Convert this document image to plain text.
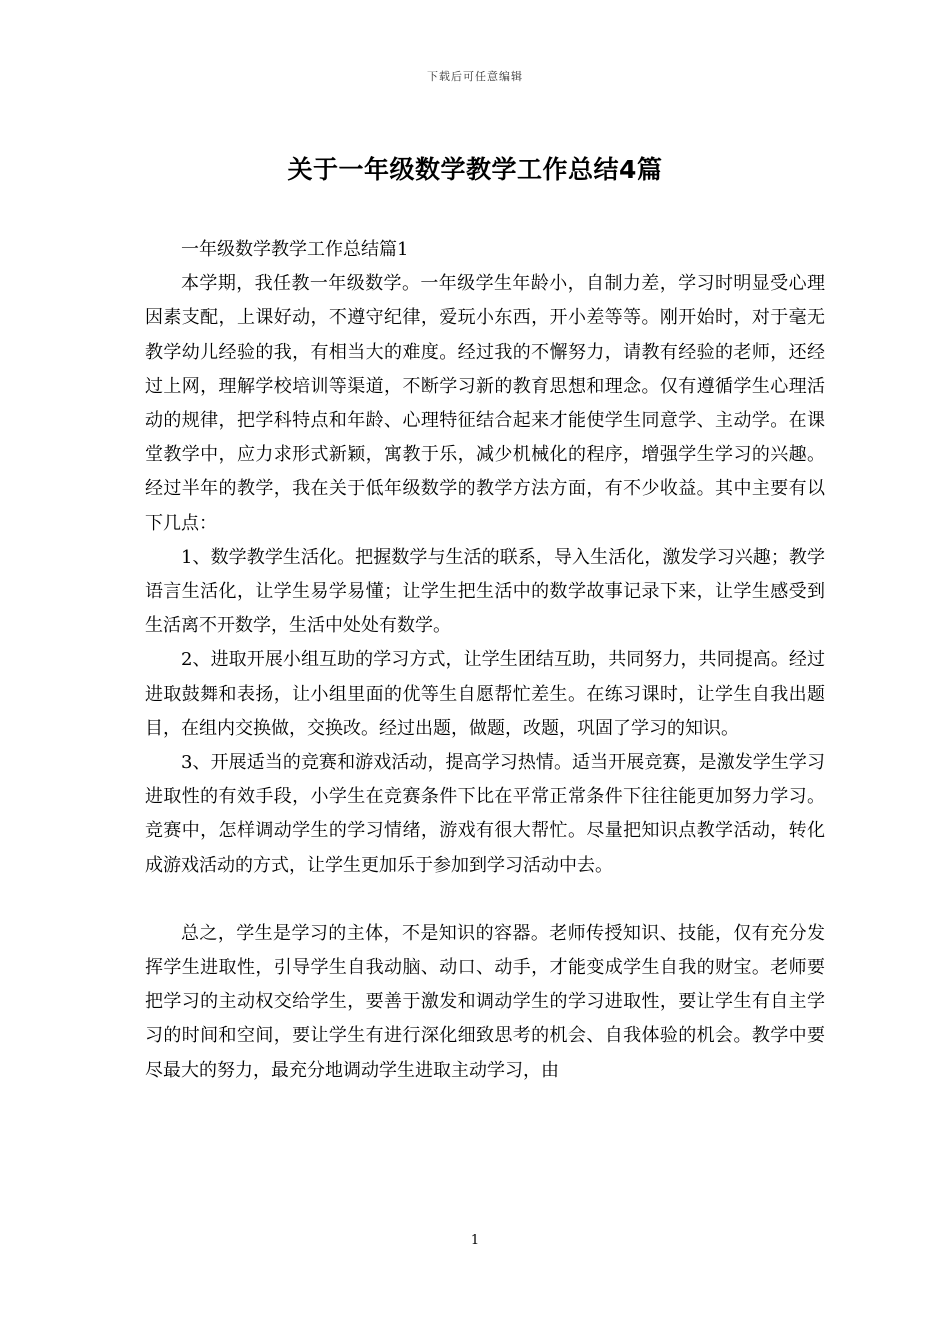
下载后可任意编辑
关于一年级数学教学工作总结4篇

一年级数学教学工作总结篇1

本学期，我任教一年级数学。一年级学生年龄小，自制力差，学习时明显受心理因素支配，上课好动，不遵守纪律，爱玩小东西，开小差等等。刚开始时，对于毫无教学幼儿经验的我，有相当大的难度。经过我的不懈努力，请教有经验的老师，还经过上网，理解学校培训等渠道，不断学习新的教育思想和理念。仅有遵循学生心理活动的规律，把学科特点和年龄、心理特征结合起来才能使学生同意学、主动学。在课堂教学中，应力求形式新颖，寓教于乐，减少机械化的程序，增强学生学习的兴趣。经过半年的教学，我在关于低年级数学的教学方法方面，有不少收益。其中主要有以下几点：

1、数学教学生活化。把握数学与生活的联系，导入生活化，激发学习兴趣；教学语言生活化，让学生易学易懂；让学生把生活中的数学故事记录下来，让学生感受到生活离不开数学，生活中处处有数学。

2、进取开展小组互助的学习方式，让学生团结互助，共同努力，共同提高。经过进取鼓舞和表扬，让小组里面的优等生自愿帮忙差生。在练习课时，让学生自我出题目，在组内交换做，交换改。经过出题，做题，改题，巩固了学习的知识。

3、开展适当的竞赛和游戏活动，提高学习热情。适当开展竞赛，是激发学生学习进取性的有效手段，小学生在竞赛条件下比在平常正常条件下往往能更加努力学习。竞赛中，怎样调动学生的学习情绪，游戏有很大帮忙。尽量把知识点教学活动，转化成游戏活动的方式，让学生更加乐于参加到学习活动中去。

总之，学生是学习的主体，不是知识的容器。老师传授知识、技能，仅有充分发挥学生进取性，引导学生自我动脑、动口、动手，才能变成学生自我的财宝。老师要把学习的主动权交给学生，要善于激发和调动学生的学习进取性，要让学生有自主学习的时间和空间，要让学生有进行深化细致思考的机会、自我体验的机会。教学中要尽最大的努力，最充分地调动学生进取主动学习，由

1
